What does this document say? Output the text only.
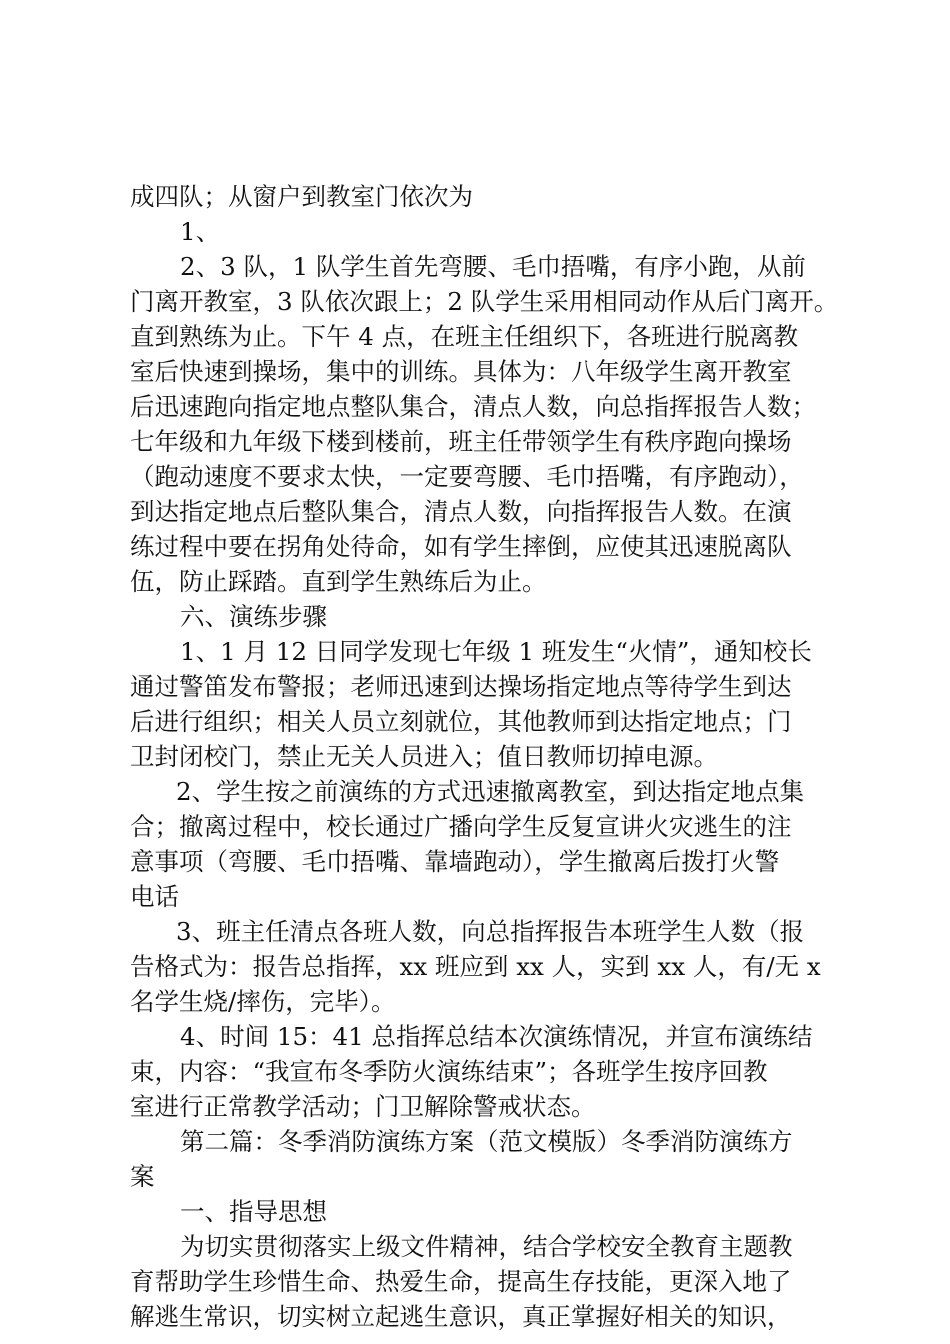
成四队；从窗户到教室门依次为
1、
2、3 队，1 队学生首先弯腰、毛巾捂嘴，有序小跑，从前
门离开教室，3 队依次跟上；2 队学生采用相同动作从后门离开。
直到熟练为止。下午 4 点，在班主任组织下，各班进行脱离教
室后快速到操场，集中的训练。具体为：八年级学生离开教室
后迅速跑向指定地点整队集合，清点人数，向总指挥报告人数；
七年级和九年级下楼到楼前，班主任带领学生有秩序跑向操场
（跑动速度不要求太快，一定要弯腰、毛巾捂嘴，有序跑动），
到达指定地点后整队集合，清点人数，向指挥报告人数。在演
练过程中要在拐角处待命，如有学生摔倒，应使其迅速脱离队
伍，防止踩踏。直到学生熟练后为止。
六、演练步骤
1、1 月 12 日同学发现七年级 1 班发生“火情”，通知校长
通过警笛发布警报；老师迅速到达操场指定地点等待学生到达
后进行组织；相关人员立刻就位，其他教师到达指定地点；门
卫封闭校门，禁止无关人员进入；值日教师切掉电源。
2、学生按之前演练的方式迅速撤离教室，到达指定地点集
合；撤离过程中，校长通过广播向学生反复宣讲火灾逃生的注
意事项（弯腰、毛巾捂嘴、靠墙跑动），学生撤离后拨打火警
电话
3、班主任清点各班人数，向总指挥报告本班学生人数（报
告格式为：报告总指挥，xx 班应到 xx 人，实到 xx 人，有/无 x
名学生烧/摔伤，完毕）。
4、时间 15：41 总指挥总结本次演练情况，并宣布演练结
束，内容：“我宣布冬季防火演练结束”；各班学生按序回教
室进行正常教学活动；门卫解除警戒状态。
第二篇：冬季消防演练方案（范文模版）冬季消防演练方
案
一、指导思想
为切实贯彻落实上级文件精神，结合学校安全教育主题教
育帮助学生珍惜生命、热爱生命，提高生存技能，更深入地了
解逃生常识，切实树立起逃生意识，真正掌握好相关的知识，
